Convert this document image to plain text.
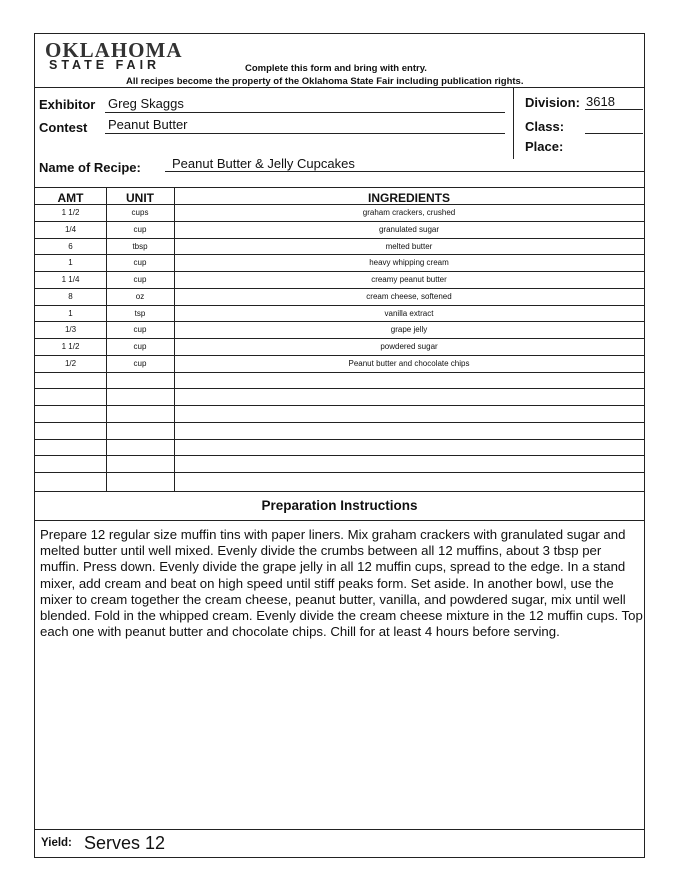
OKLAHOMA
STATE FAIR	Complete this form and bring with entry.
All recipes become the property of the Oklahoma State Fair including publication rights.
Exhibitor Greg Skaggs
Contest Peanut Butter
Division: 3618
Class:
Place:
Name of Recipe: Peanut Butter & Jelly Cupcakes
AMT	UNIT	INGREDIENTS
1 1/2	cups	graham crackers, crushed
1/4	cup	granulated sugar
6	tbsp	melted butter
1	cup	heavy whipping cream
1 1/4	cup	creamy peanut butter
8	oz	cream cheese, softened
1	tsp	vanilla extract
1/3	cup	grape jelly
1 1/2	cup	powdered sugar
1/2	cup	Peanut butter and chocolate chips
Preparation Instructions
Prepare 12 regular size muffin tins with paper liners. Mix graham crackers with granulated sugar and melted butter until well mixed. Evenly divide the crumbs between all 12 muffins, about 3 tbsp per muffin. Press down. Evenly divide the grape jelly in all 12 muffin cups, spread to the edge. In a stand mixer, add cream and beat on high speed until stiff peaks form. Set aside. In another bowl, use the mixer to cream together the cream cheese, peanut butter, vanilla, and powdered sugar, mix until well blended. Fold in the whipped cream. Evenly divide the cream cheese mixture in the 12 muffin cups. Top each one with peanut butter and chocolate chips. Chill for at least 4 hours before serving.
Yield: Serves 12
